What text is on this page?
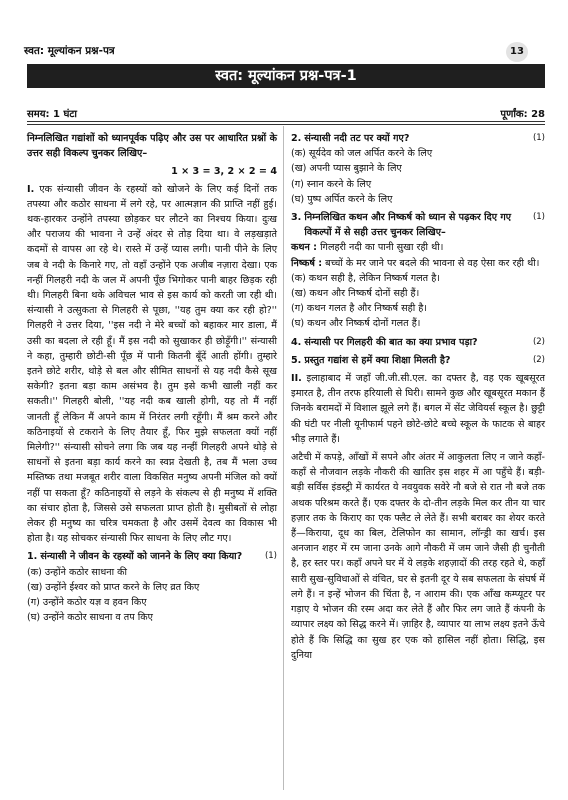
स्वत: मूल्यांकन प्रश्न-पत्र	13
स्वत: मूल्यांकन प्रश्न-पत्र-1
समय: 1 घंटा	पूर्णांक: 28

निम्नलिखित गद्यांशों को ध्यानपूर्वक पढ़िए और उस पर आधारित प्रश्नों के उत्तर सही विकल्प चुनकर लिखिए–

1 × 3 = 3, 2 × 2 = 4

I. एक संन्यासी जीवन के रहस्यों को खोजने के लिए कई दिनों तक तपस्या और कठोर साधना में लगे रहे, पर आत्मज्ञान की प्राप्ति नहीं हुई। थक-हारकर उन्होंने तपस्या छोड़कर घर लौटने का निश्चय किया। दुःख और पराजय की भावना ने उन्हें अंदर से तोड़ दिया था। वे लड़खड़ाते कदमों से वापस आ रहे थे। रास्ते में उन्हें प्यास लगी। पानी पीने के लिए जब वे नदी के किनारे गए, तो वहाँ उन्होंने एक अजीब नज़ारा देखा। एक नन्हीं गिलहरी नदी के जल में अपनी पूँछ भिगोकर पानी बाहर छिड़क रही थी। गिलहरी बिना थके अविचल भाव से इस कार्य को करती जा रही थी। संन्यासी ने उत्सुकता से गिलहरी से पूछा, ''यह तुम क्या कर रही हो?'' गिलहरी ने उत्तर दिया, ''इस नदी ने मेरे बच्चों को बहाकर मार डाला, मैं उसी का बदला ले रही हूँ। मैं इस नदी को सुखाकर ही छोड़ूँगी।'' संन्यासी ने कहा, तुम्हारी छोटी-सी पूँछ में पानी कितनी बूँदें आती होंगी। तुम्हारे इतने छोटे शरीर, थोड़े से बल और सीमित साधनों से यह नदी कैसे सूख सकेगी? इतना बड़ा काम असंभव है। तुम इसे कभी खाली नहीं कर सकती।'' गिलहरी बोली, ''यह नदी कब खाली होगी, यह तो मैं नहीं जानती हूँ लेकिन मैं अपने काम में निरंतर लगी रहूँगी। मैं श्रम करने और कठिनाइयों से टकराने के लिए तैयार हूँ, फिर मुझे सफलता क्यों नहीं मिलेगी?'' संन्यासी सोचने लगा कि जब यह नन्हीं गिलहरी अपने थोड़े से साधनों से इतना बड़ा कार्य करने का स्वप्न देखती है, तब मैं भला उच्च मस्तिष्क तथा मजबूत शरीर वाला विकसित मनुष्य अपनी मंजिल को क्यों नहीं पा सकता हूँ? कठिनाइयों से लड़ने के संकल्प से ही मनुष्य में शक्ति का संचार होता है, जिससे उसे सफलता प्राप्त होती है। मुसीबतों से लोहा लेकर ही मनुष्य का चरित्र चमकता है और उसमें देवत्व का विकास भी होता है। यह सोचकर संन्यासी फिर साधना के लिए लौट गए।

1. संन्यासी ने जीवन के रहस्यों को जानने के लिए क्या किया?	(1)
(क) उन्होंने कठोर साधना की
(ख) उन्होंने ईश्वर को प्राप्त करने के लिए व्रत किए
(ग) उन्होंने कठोर यज्ञ व हवन किए
(घ) उन्होंने कठोर साधना व तप किए
2. संन्यासी नदी तट पर क्यों गए?	(1)
(क) सूर्यदेव को जल अर्पित करने के लिए
(ख) अपनी प्यास बुझाने के लिए
(ग) स्नान करने के लिए
(घ) पुष्प अर्पित करने के लिए
3. निम्नलिखित कथन और निष्कर्ष को ध्यान से पढ़कर दिए गए विकल्पों में से सही उत्तर चुनकर लिखिए–
(1)

कथन : गिलहरी नदी का पानी सुखा रही थी।

निष्कर्ष : बच्चों के मर जाने पर बदले की भावना से वह ऐसा कर रही थी।

(क) कथन सही है, लेकिन निष्कर्ष गलत है।
(ख) कथन और निष्कर्ष दोनों सही हैं।
(ग) कथन गलत है और निष्कर्ष सही है।
(घ) कथन और निष्कर्ष दोनों गलत हैं।
4. संन्यासी पर गिलहरी की बात का क्या प्रभाव पड़ा?	(2)
5. प्रस्तुत गद्यांश से हमें क्या शिक्षा मिलती है?	(2)

II. इलाहाबाद में जहाँ जी.जी.सी.एल. का दफ्तर है, वह एक खूबसूरत इमारत है, तीन तरफ हरियाली से घिरी। सामने कुछ और खूबसूरत मकान हैं जिनके बरामदों में विशाल झूले लगे हैं। बगल में सेंट जेवियर्स स्कूल है। छुट्टी की घंटी पर नीली यूनीफार्म पहने छोटे-छोटे बच्चे स्कूल के फाटक से बाहर भीड़ लगाते हैं।

अटैची में कपड़े, आँखों में सपने और अंतर में आकुलता लिए न जाने कहाँ-कहाँ से नौजवान लड़के नौकरी की खातिर इस शहर में आ पहुँचे हैं। बड़ी-बड़ी सर्विस इंडस्ट्री में कार्यरत ये नवयुवक सवेरे नौ बजे से रात नौ बजे तक अथक परिश्रम करते हैं। एक दफ्तर के दो-तीन लड़के मिल कर तीन या चार हज़ार तक के किराए का एक फ्लैट ले लेते हैं। सभी बराबर का शेयर करते हैं—किराया, दूध का बिल, टेलिफोन का सामान, लॉन्ड्री का खर्च। इस अनजान शहर में रम जाना उनके आगे नौकरी में जम जाने जैसी ही चुनौती है, हर स्तर पर। कहाँ अपने घर में ये लड़के शहज़ादों की तरह रहते थे, कहाँ सारी सुख-सुविधाओं से वंचित, घर से इतनी दूर ये सब सफलता के संघर्ष में लगे हैं। न इन्हें भोजन की चिंता है, न आराम की। एक आँख कम्प्यूटर पर गड़ाए ये भोजन की रस्म अदा कर लेते हैं और फिर लग जाते हैं कंपनी के व्यापार लक्ष्य को सिद्ध करने में। ज़ाहिर है, व्यापार या लाभ लक्ष्य इतने ऊँचे होते हैं कि सिद्धि का सुख हर एक को हासिल नहीं होता। सिद्धि, इस दुनिया
